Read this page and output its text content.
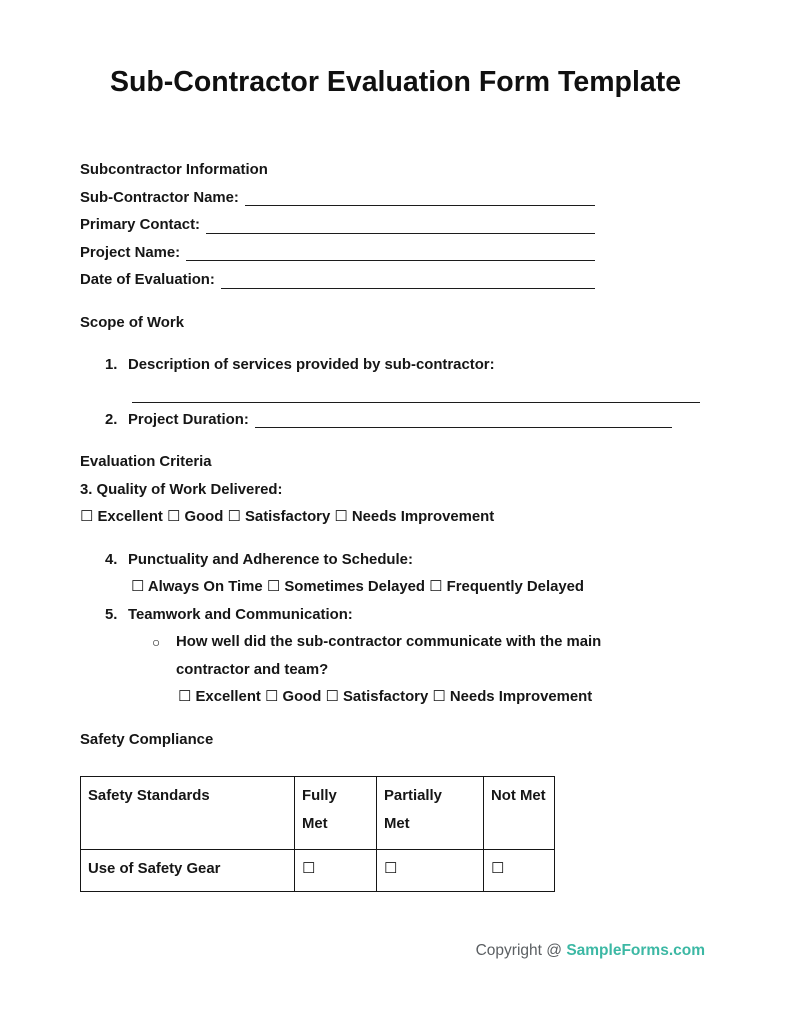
Sub-Contractor Evaluation Form Template

Subcontractor Information

Sub-Contractor Name:
Primary Contact:
Project Name:
Date of Evaluation:

Scope of Work

1. Description of services provided by sub-contractor:
2. Project Duration:

Evaluation Criteria

3. Quality of Work Delivered:

☐ Excellent ☐ Good ☐ Satisfactory ☐ Needs Improvement

4. Punctuality and Adherence to Schedule:

☐ Always On Time ☐ Sometimes Delayed ☐ Frequently Delayed

5. Teamwork and Communication:
○	How well did the sub-contractor communicate with the main contractor and team?

☐ Excellent ☐ Good ☐ Satisfactory ☐ Needs Improvement

Safety Compliance

Safety Standards	Fully Met	Partially Met	Not Met

Use of Safety Gear	☐	☐	☐

Copyright @ SampleForms.com
